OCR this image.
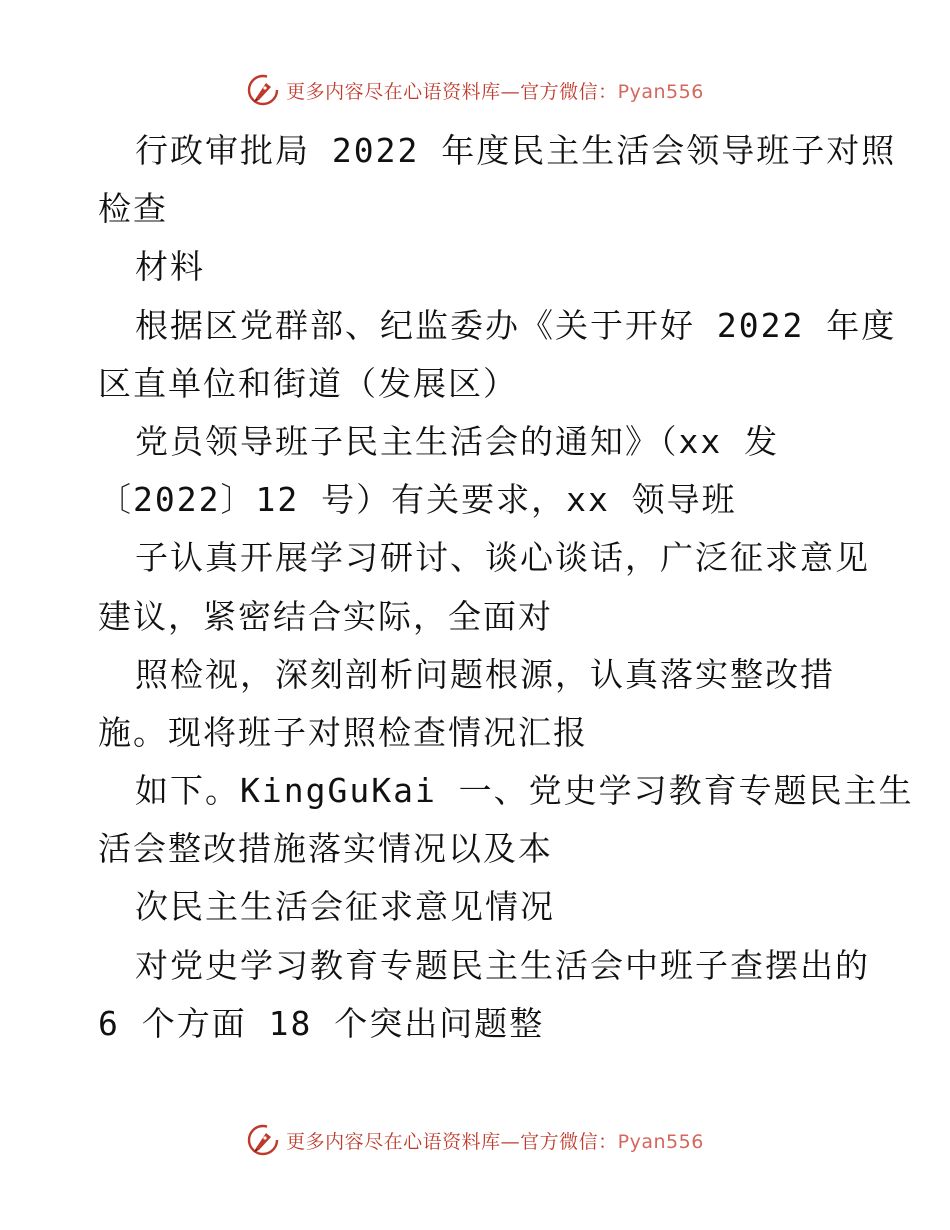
更多内容尽在心语资料库—官方微信：Pyan556
行政审批局 2022 年度民主生活会领导班子对照
检查
材料
根据区党群部、纪监委办《关于开好 2022 年度
区直单位和街道（发展区）
党员领导班子民主生活会的通知》（xx 发
〔2022〕12 号）有关要求，xx 领导班
子认真开展学习研讨、谈心谈话，广泛征求意见
建议，紧密结合实际，全面对
照检视，深刻剖析问题根源，认真落实整改措
施。现将班子对照检查情况汇报
如下。KingGuKai 一、党史学习教育专题民主生
活会整改措施落实情况以及本
次民主生活会征求意见情况
对党史学习教育专题民主生活会中班子查摆出的
6 个方面 18 个突出问题整
更多内容尽在心语资料库—官方微信：Pyan556
